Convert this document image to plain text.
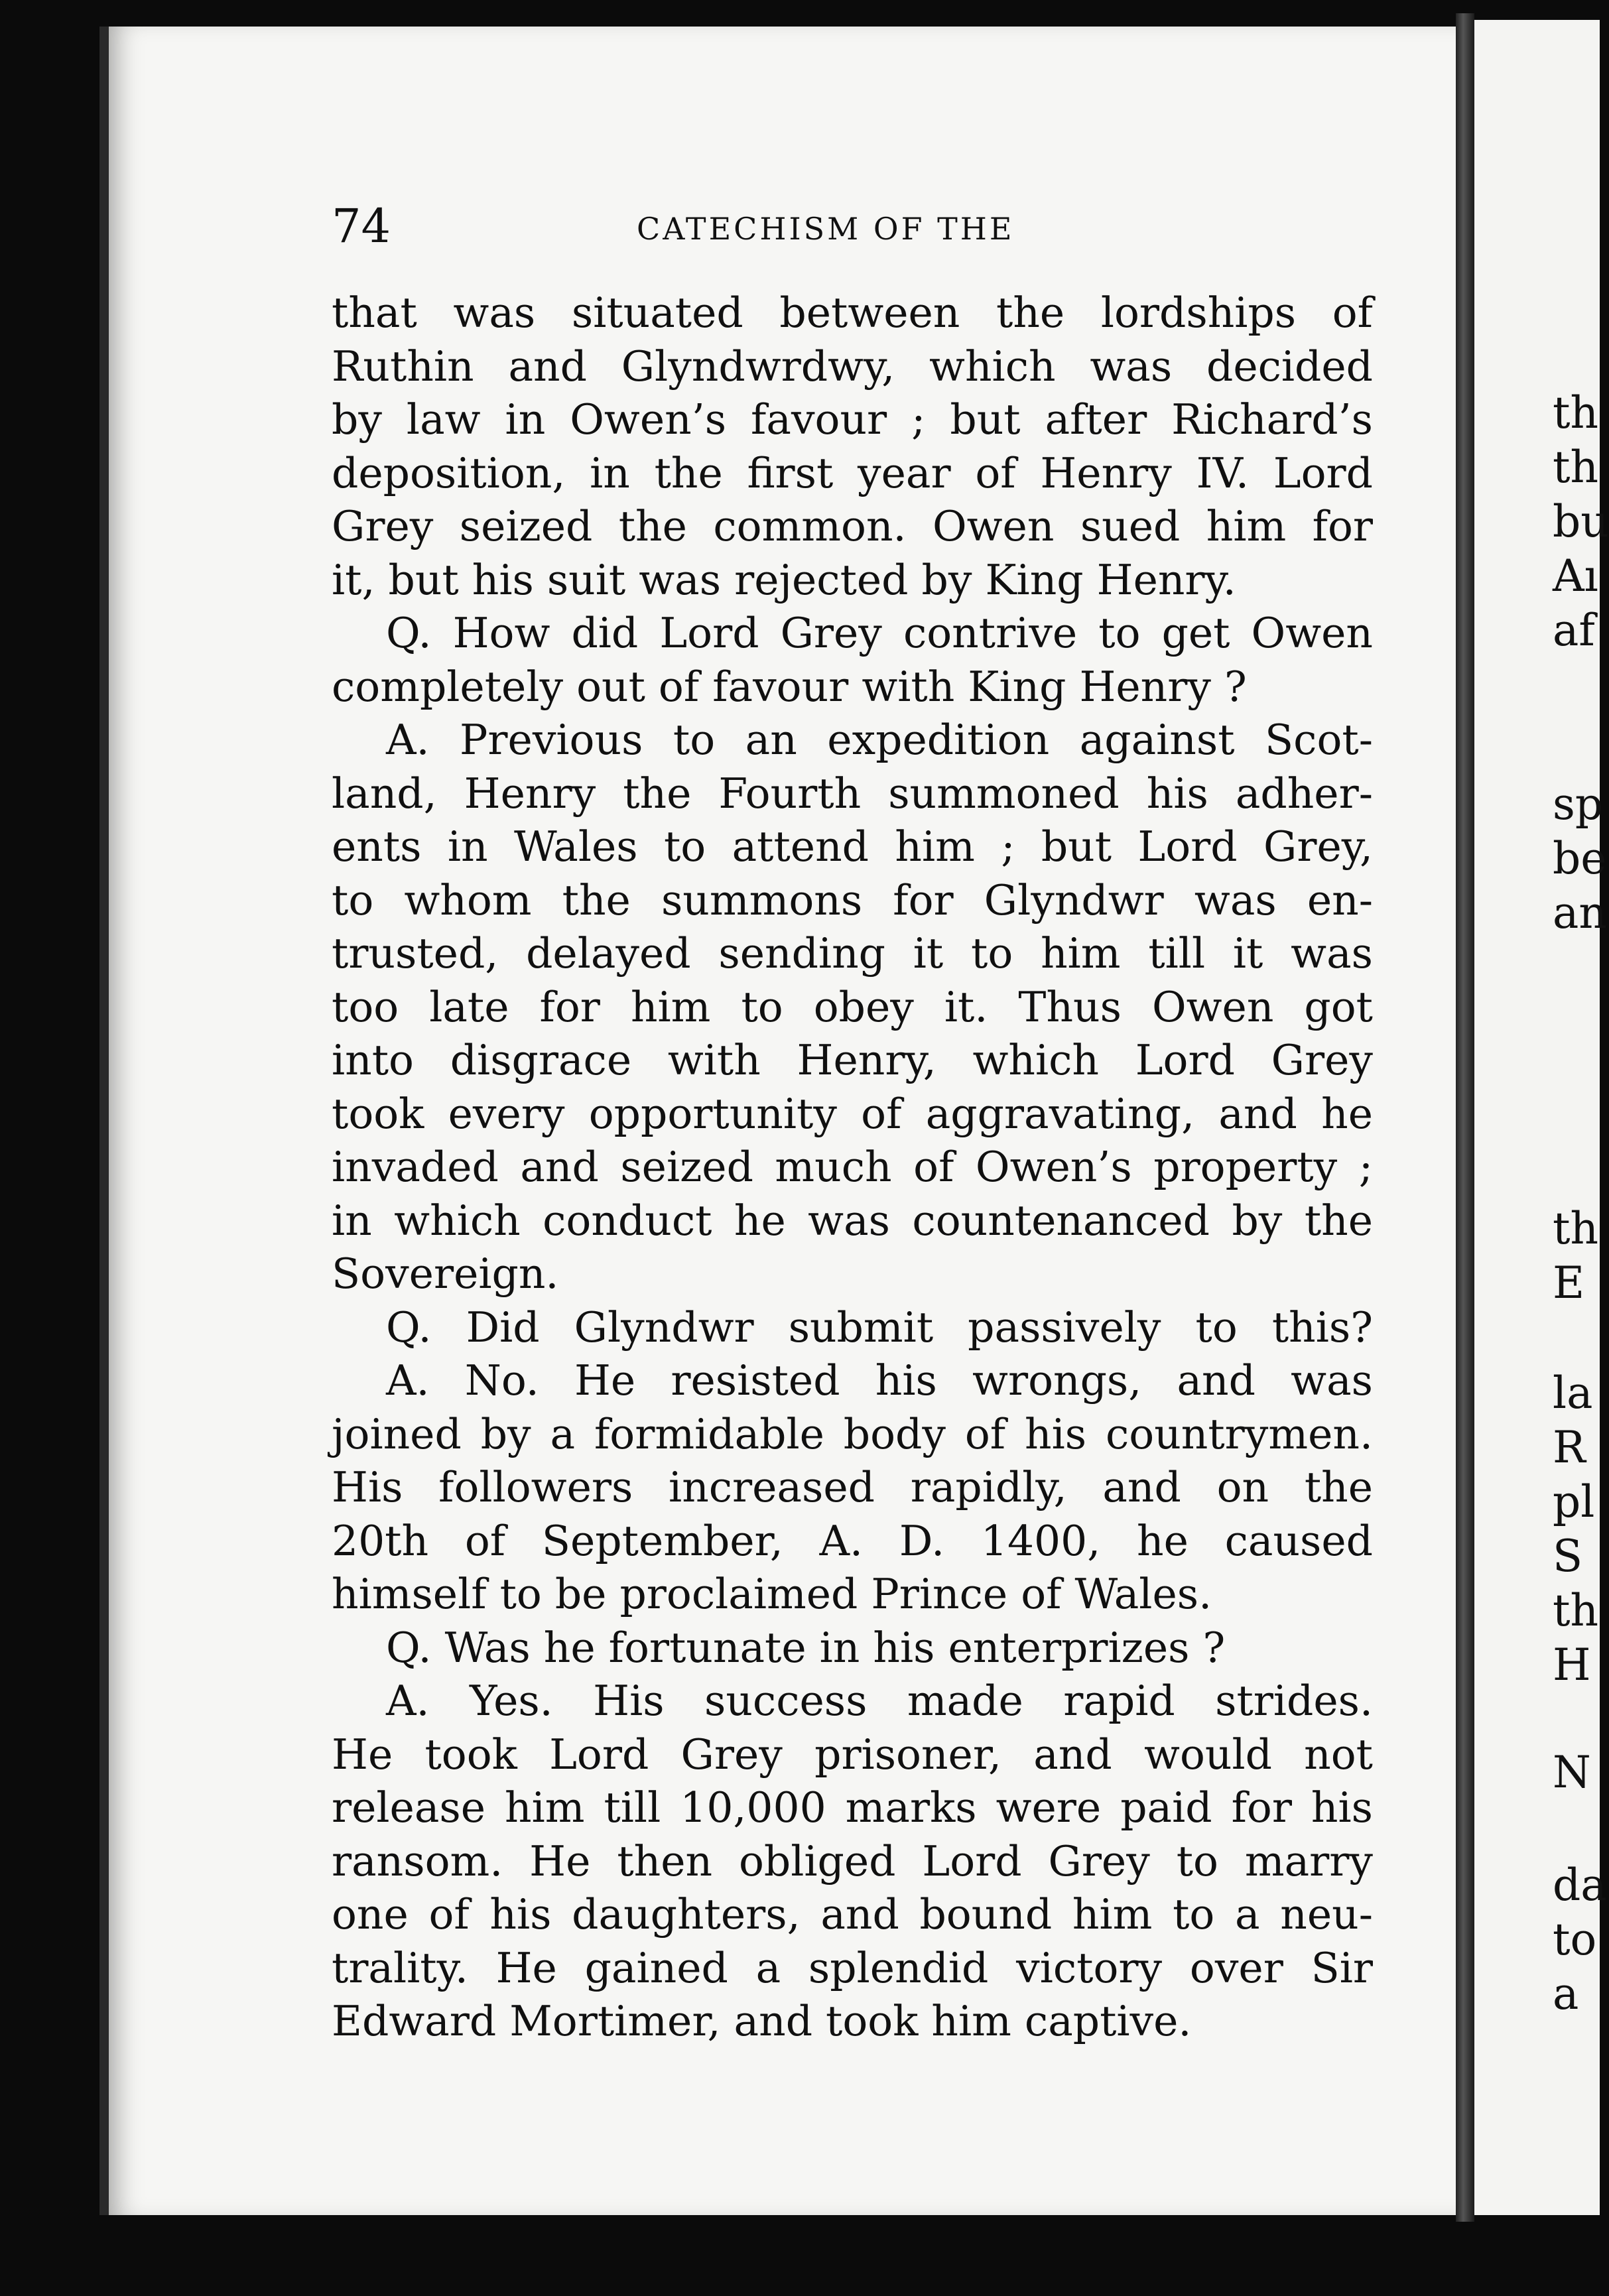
th
th
bu
Aı
af
sp
be
an
th
E
la
R
pl
S
th
H
N
da
to
a
74	CATECHISM OF THE
that was situated between the lordships of
Ruthin and Glyndwrdwy, which was decided
by law in Owen’s favour ; but after Richard’s
deposition, in the first year of Henry IV. Lord
Grey seized the common. Owen sued him for
it, but his suit was rejected by King Henry.
Q. How did Lord Grey contrive to get Owen
completely out of favour with King Henry ?
A. Previous to an expedition against Scot-
land, Henry the Fourth summoned his adher-
ents in Wales to attend him ; but Lord Grey,
to whom the summons for Glyndwr was en-
trusted, delayed sending it to him till it was
too late for him to obey it. Thus Owen got
into disgrace with Henry, which Lord Grey
took every opportunity of aggravating, and he
invaded and seized much of Owen’s property ;
in which conduct he was countenanced by the
Sovereign.
Q. Did Glyndwr submit passively to this?
A. No. He resisted his wrongs, and was
joined by a formidable body of his countrymen.
His followers increased rapidly, and on the
20th of September, A. D. 1400, he caused
himself to be proclaimed Prince of Wales.
Q. Was he fortunate in his enterprizes ?
A. Yes. His success made rapid strides.
He took Lord Grey prisoner, and would not
release him till 10,000 marks were paid for his
ransom. He then obliged Lord Grey to marry
one of his daughters, and bound him to a neu-
trality. He gained a splendid victory over Sir
Edward Mortimer, and took him captive.
